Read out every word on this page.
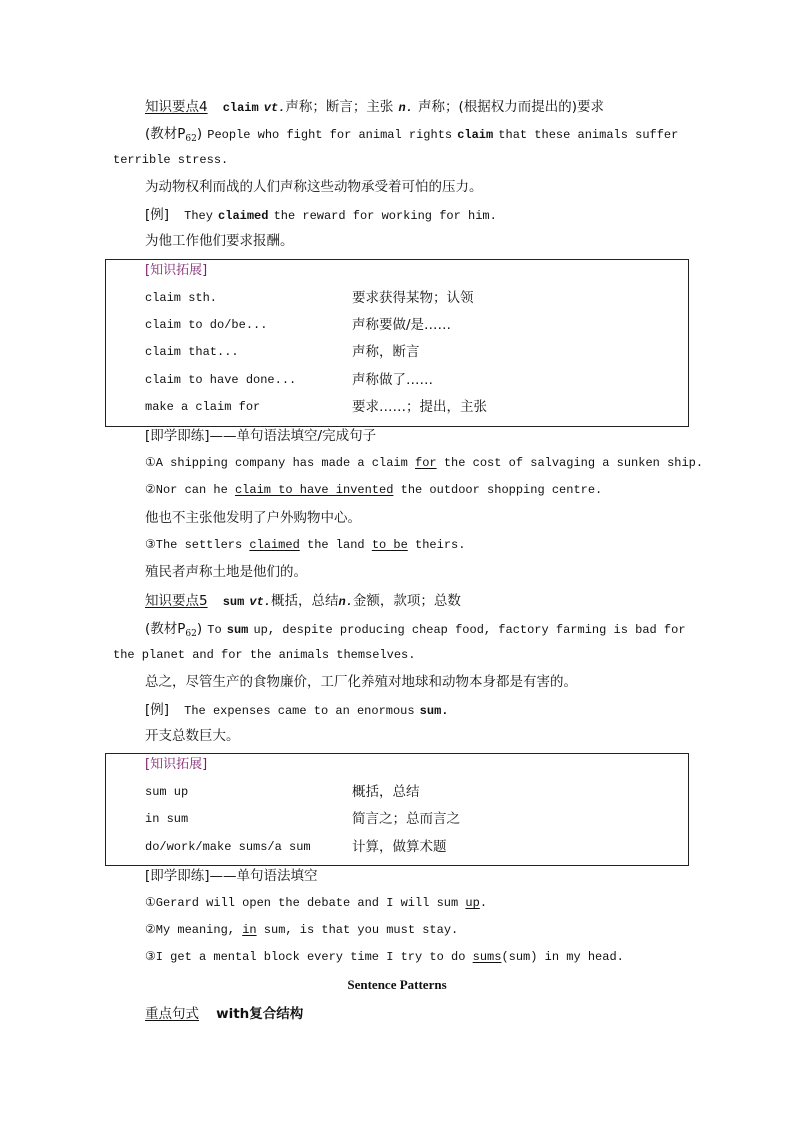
知识要点4 claim vt.声称；断言；主张 n. 声称；(根据权力而提出的)要求
(教材$P_{62}$) People who fight for animal rights claim that these animals suffer
terrible stress.
为动物权利而战的人们声称这些动物承受着可怕的压力。
[例] They claimed the reward for working for him.
为他工作他们要求报酬。
[知识拓展]
claim sth.	要求获得某物；认领
claim to do/be...	声称要做/是……
claim that...	声称，断言
claim to have done...	声称做了……
make a claim for	要求……；提出，主张
[即学即练]——单句语法填空/完成句子
①A shipping company has made a claim for the cost of salvaging a sunken ship.
②Nor can he claim to have invented the outdoor shopping centre.
他也不主张他发明了户外购物中心。
③The settlers claimed the land to be theirs.
殖民者声称土地是他们的。
知识要点5 sum vt.概括，总结n.金额，款项；总数
(教材$P_{62}$) To sum up, despite producing cheap food, factory farming is bad for
the planet and for the animals themselves.
总之，尽管生产的食物廉价，工厂化养殖对地球和动物本身都是有害的。
[例] The expenses came to an enormous sum.
开支总数巨大。
[知识拓展]
sum up	概括，总结
in sum	简言之；总而言之
do/work/make sums/a sum	计算，做算术题
[即学即练]——单句语法填空
①Gerard will open the debate and I will sum up.
②My meaning, in sum, is that you must stay.
③I get a mental block every time I try to do sums(sum) in my head.
Sentence Patterns
重点句式 with复合结构
